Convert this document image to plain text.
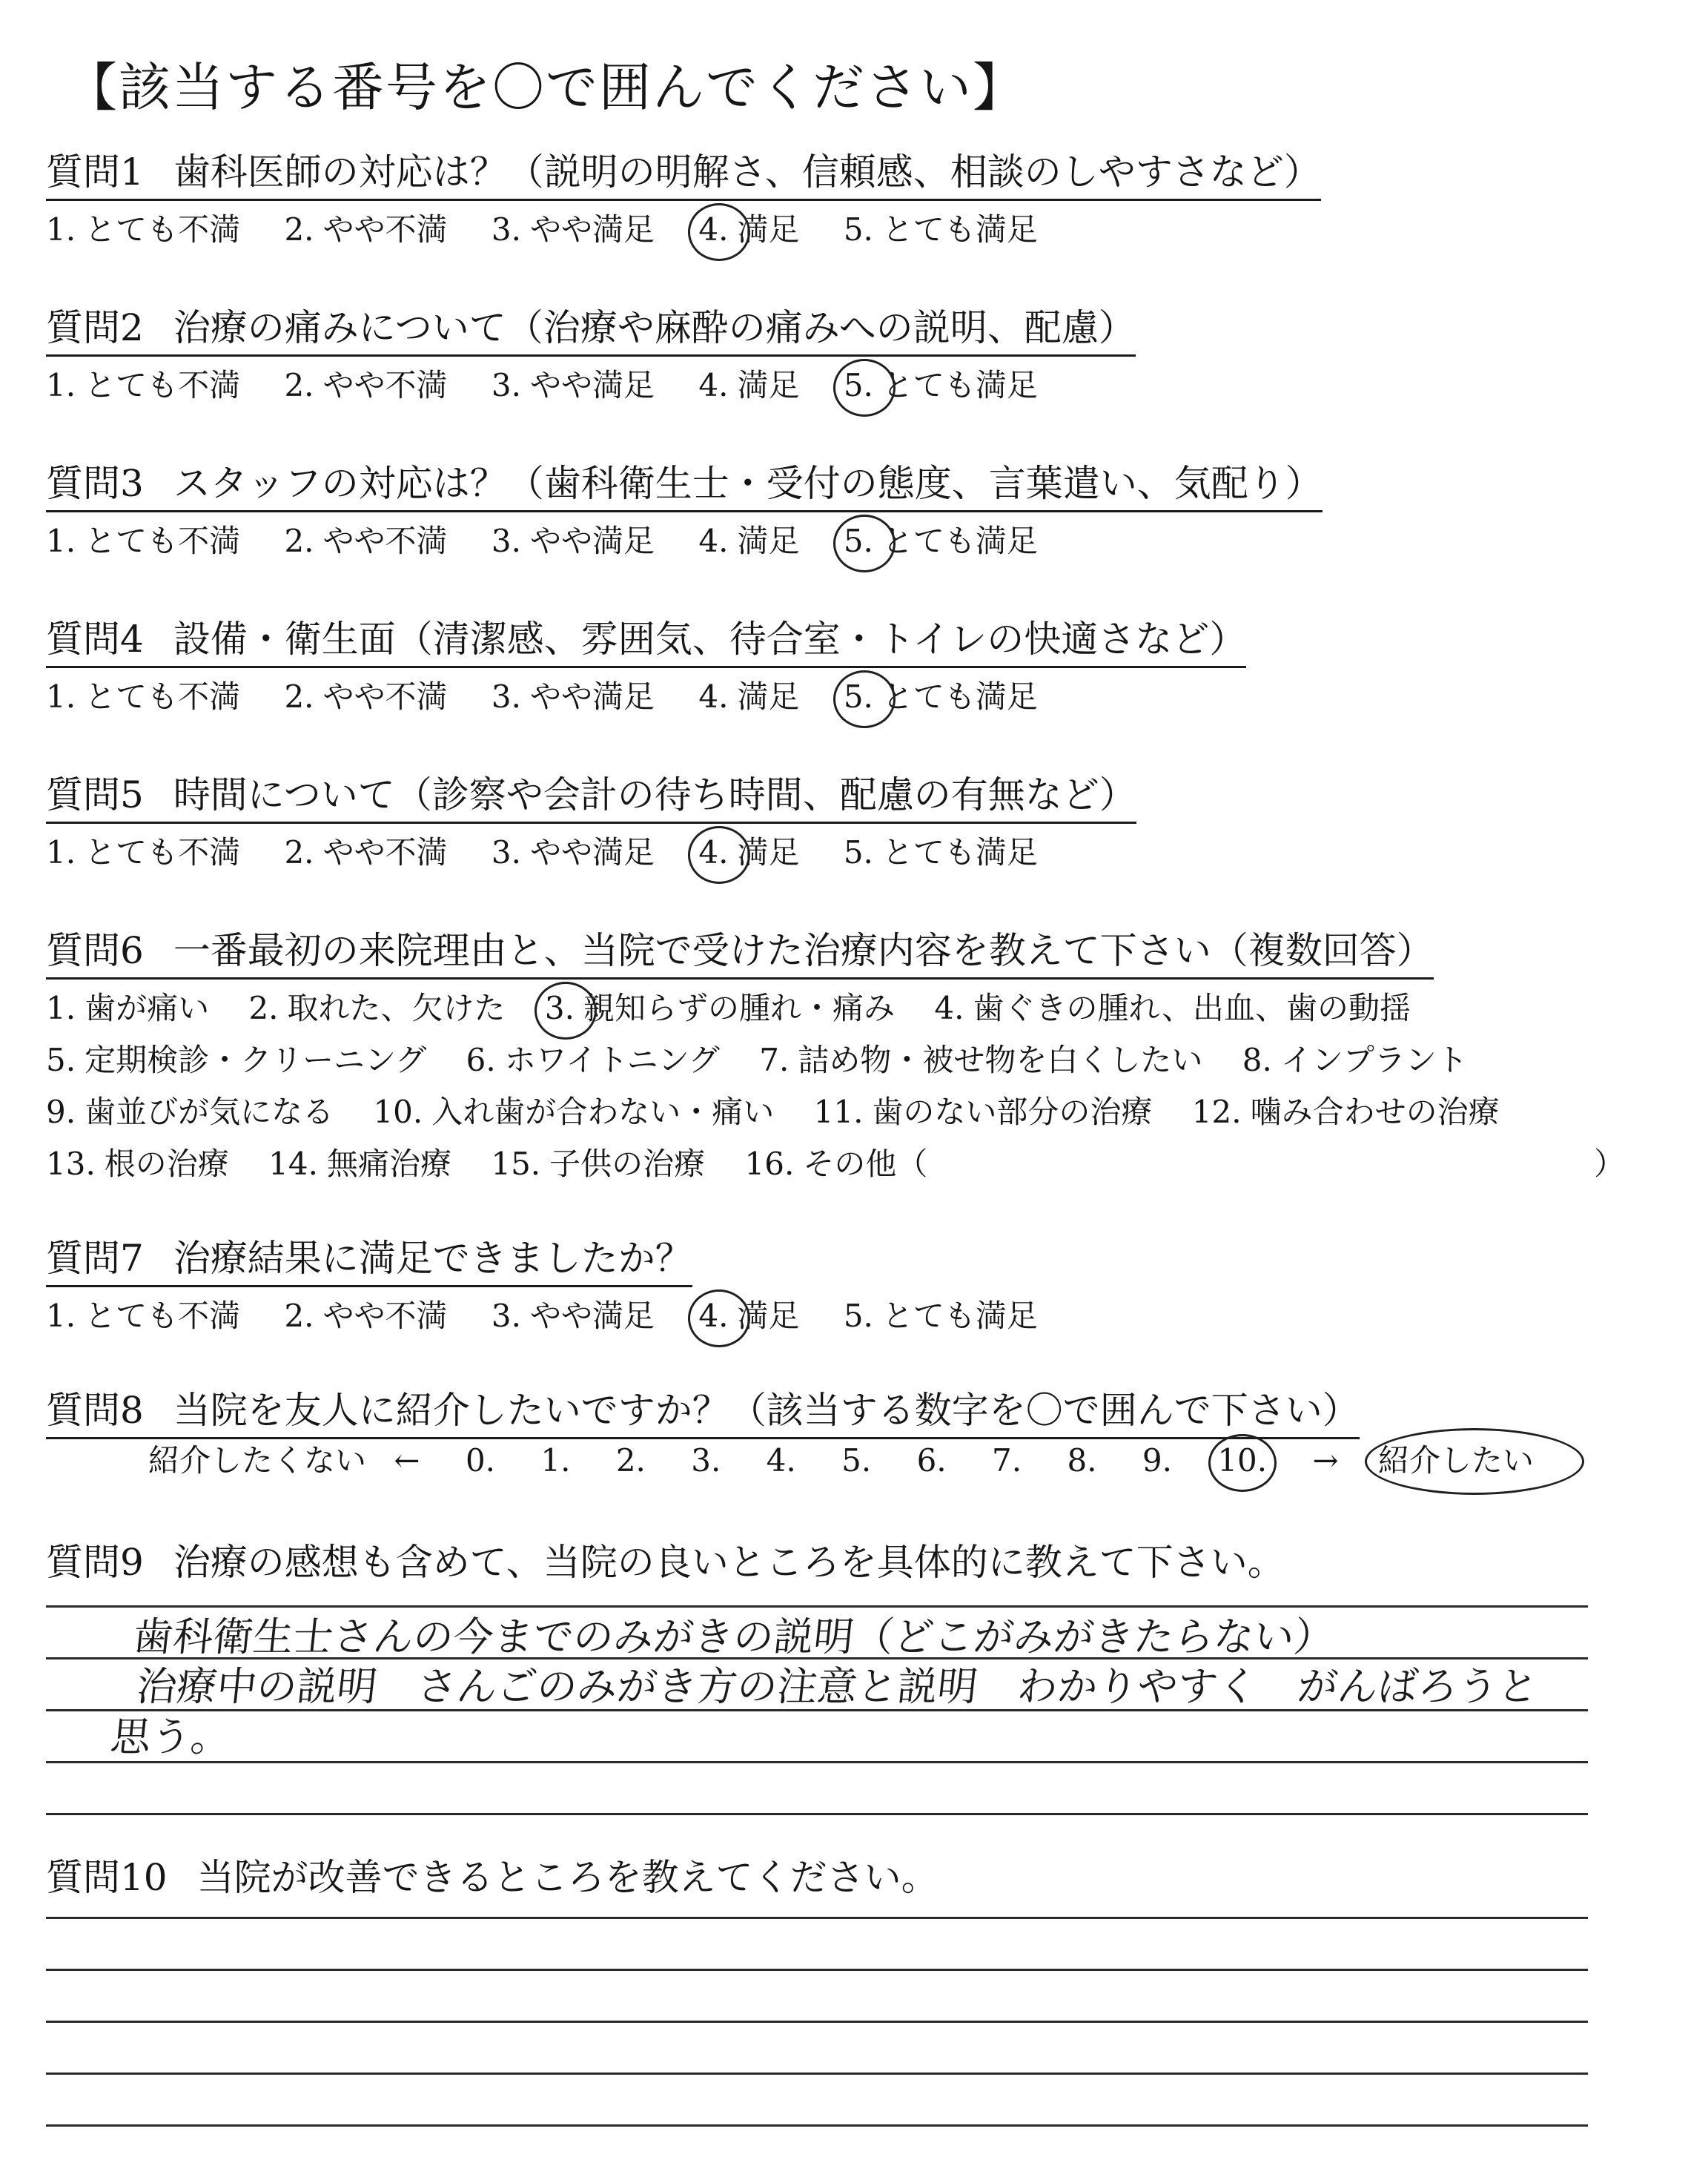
【該当する番号を〇で囲んでください】
質問1 歯科医師の対応は？（説明の明解さ、信頼感、相談のしやすさなど）
1. とても不満 2. やや不満 3. やや満足 4. 満足 5. とても満足
質問2 治療の痛みについて（治療や麻酔の痛みへの説明、配慮）
1. とても不満 2. やや不満 3. やや満足 4. 満足 5. とても満足
質問3 スタッフの対応は？（歯科衛生士・受付の態度、言葉遣い、気配り）
1. とても不満 2. やや不満 3. やや満足 4. 満足 5. とても満足
質問4 設備・衛生面（清潔感、雰囲気、待合室・トイレの快適さなど）
1. とても不満 2. やや不満 3. やや満足 4. 満足 5. とても満足
質問5 時間について（診察や会計の待ち時間、配慮の有無など）
1. とても不満 2. やや不満 3. やや満足 4. 満足 5. とても満足
質問6 一番最初の来院理由と、当院で受けた治療内容を教えて下さい（複数回答）
1. 歯が痛い 2. 取れた、欠けた 3. 親知らずの腫れ・痛み 4. 歯ぐきの腫れ、出血、歯の動揺
5. 定期検診・クリーニング 6. ホワイトニング 7. 詰め物・被せ物を白くしたい 8. インプラント
9. 歯並びが気になる 10. 入れ歯が合わない・痛い 11. 歯のない部分の治療 12. 噛み合わせの治療
13. 根の治療 14. 無痛治療 15. 子供の治療 16. その他（	）
質問7 治療結果に満足できましたか？
1. とても不満 2. やや不満 3. やや満足 4. 満足 5. とても満足
質問8 当院を友人に紹介したいですか？（該当する数字を〇で囲んで下さい）
紹介したくない ← 0. 1. 2. 3. 4. 5. 6. 7. 8. 9. 10. → 紹介したい
質問9 治療の感想も含めて、当院の良いところを具体的に教えて下さい。
歯科衛生士さんの今までのみがきの説明（どこがみがきたらない）
治療中の説明　さんごのみがき方の注意と説明　わかりやすく　がんばろうと
思う。
質問10 当院が改善できるところを教えてください。
